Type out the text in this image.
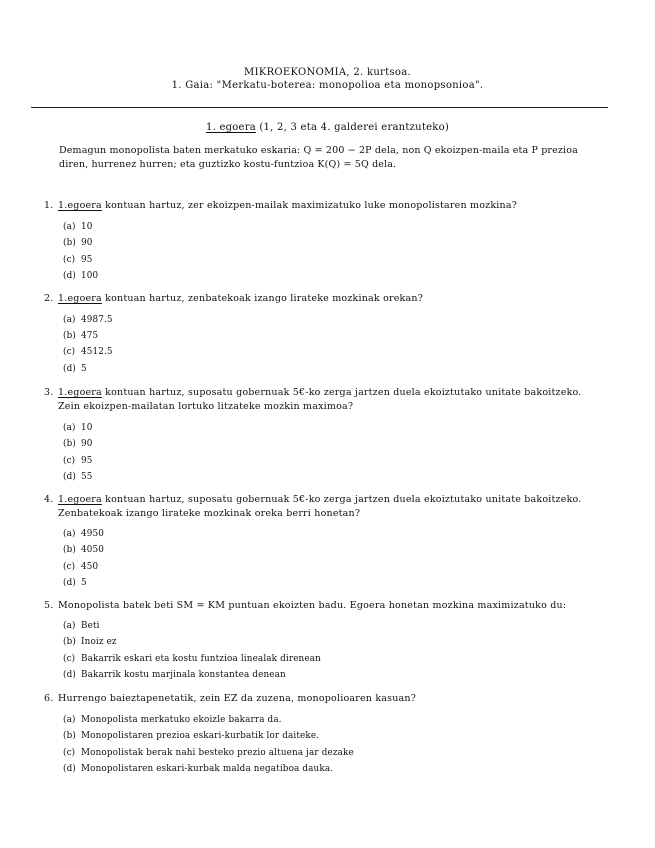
MIKROEKONOMIA, 2. kurtsoa.
1. Gaia: "Merkatu-boterea: monopolioa eta monopsonioa".
1. egoera (1, 2, 3 eta 4. galderei erantzuteko)
Demagun monopolista baten merkatuko eskaria: Q = 200 − 2P dela, non Q ekoizpen-maila eta P prezioa
diren, hurrenez hurren; eta guztizko kostu-funtzioa K(Q) = 5Q dela.
1. 1.egoera kontuan hartuz, zer ekoizpen-mailak maximizatuko luke monopolistaren mozkina?
(a) 10
(b) 90
(c) 95
(d) 100
2. 1.egoera kontuan hartuz, zenbatekoak izango lirateke mozkinak orekan?
(a) 4987.5
(b) 475
(c) 4512.5
(d) 5
3. 1.egoera kontuan hartuz, suposatu gobernuak 5€-ko zerga jartzen duela ekoiztutako unitate bakoitzeko.
Zein ekoizpen-mailatan lortuko litzateke mozkin maximoa?
(a) 10
(b) 90
(c) 95
(d) 55
4. 1.egoera kontuan hartuz, suposatu gobernuak 5€-ko zerga jartzen duela ekoiztutako unitate bakoitzeko.
Zenbatekoak izango lirateke mozkinak oreka berri honetan?
(a) 4950
(b) 4050
(c) 450
(d) 5
5. Monopolista batek beti SM = KM puntuan ekoizten badu. Egoera honetan mozkina maximizatuko du:
(a) Beti
(b) Inoiz ez
(c) Bakarrik eskari eta kostu funtzioa linealak direnean
(d) Bakarrik kostu marjinala konstantea denean
6. Hurrengo baieztapenetatik, zein EZ da zuzena, monopolioaren kasuan?
(a) Monopolista merkatuko ekoizle bakarra da.
(b) Monopolistaren prezioa eskari-kurbatik lor daiteke.
(c) Monopolistak berak nahi besteko prezio altuena jar dezake
(d) Monopolistaren eskari-kurbak malda negatiboa dauka.
